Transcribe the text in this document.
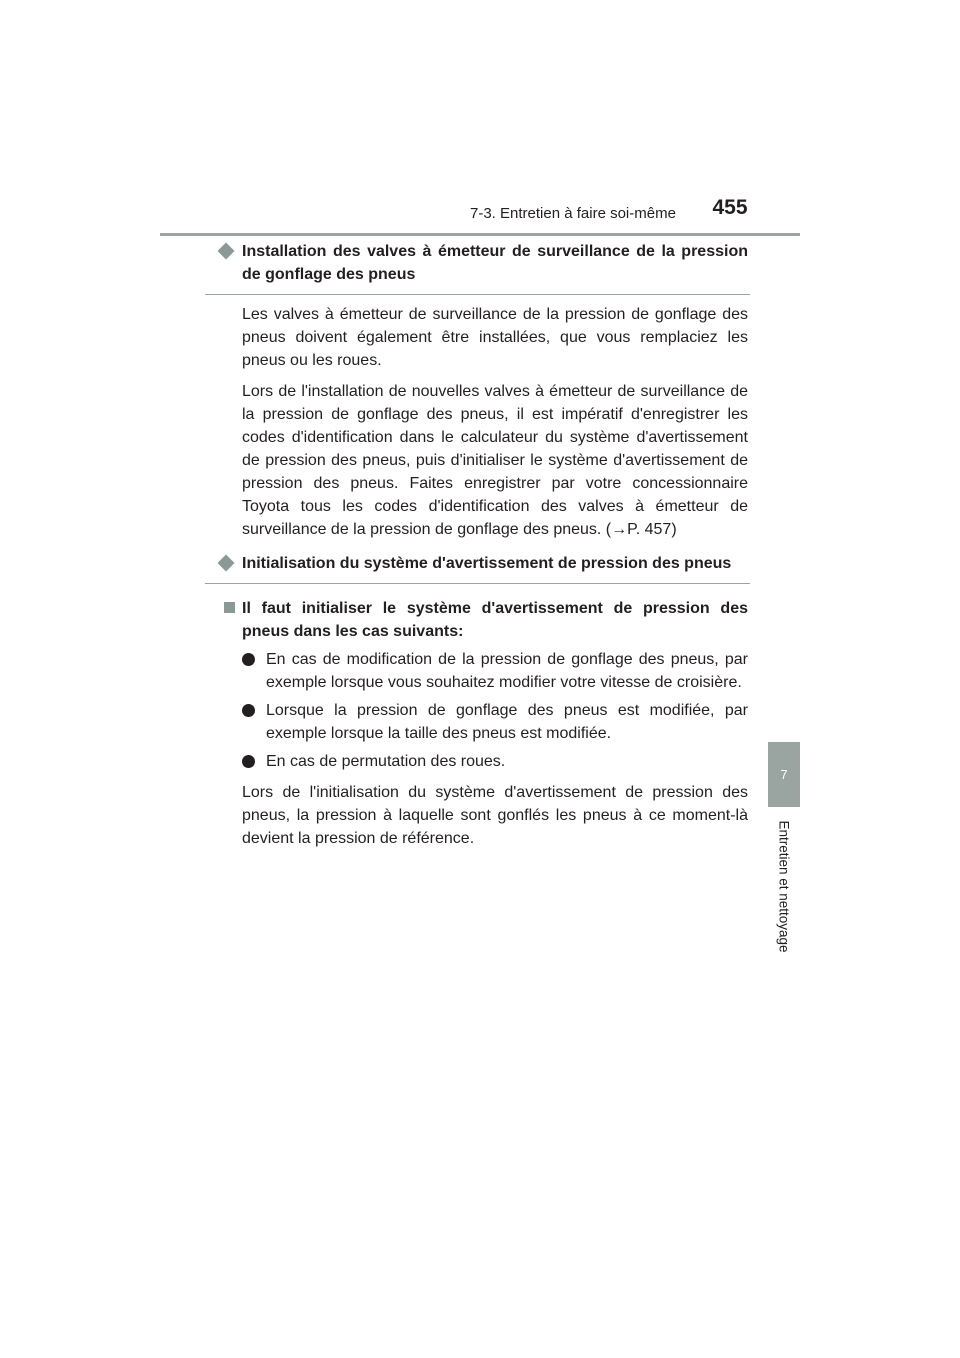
7-3. Entretien à faire soi-même	455
7
Entretien et nettoyage
Installation des valves à émetteur de surveillance de la pression de gonflage des pneus
Les valves à émetteur de surveillance de la pression de gonflage des pneus doivent également être installées, que vous remplaciez les pneus ou les roues.
Lors de l'installation de nouvelles valves à émetteur de surveillance de la pression de gonflage des pneus, il est impératif d'enregistrer les codes d'identification dans le calculateur du système d'avertissement de pression des pneus, puis d'initialiser le système d'avertissement de pression des pneus. Faites enregistrer par votre concessionnaire Toyota tous les codes d'identification des valves à émetteur de surveillance de la pression de gonflage des pneus. (→P. 457)
Initialisation du système d'avertissement de pression des pneus
Il faut initialiser le système d'avertissement de pression des pneus dans les cas suivants:
En cas de modification de la pression de gonflage des pneus, par exemple lorsque vous souhaitez modifier votre vitesse de croisière.
Lorsque la pression de gonflage des pneus est modifiée, par exemple lorsque la taille des pneus est modifiée.
En cas de permutation des roues.
Lors de l'initialisation du système d'avertissement de pression des pneus, la pression à laquelle sont gonflés les pneus à ce moment-là devient la pression de référence.
